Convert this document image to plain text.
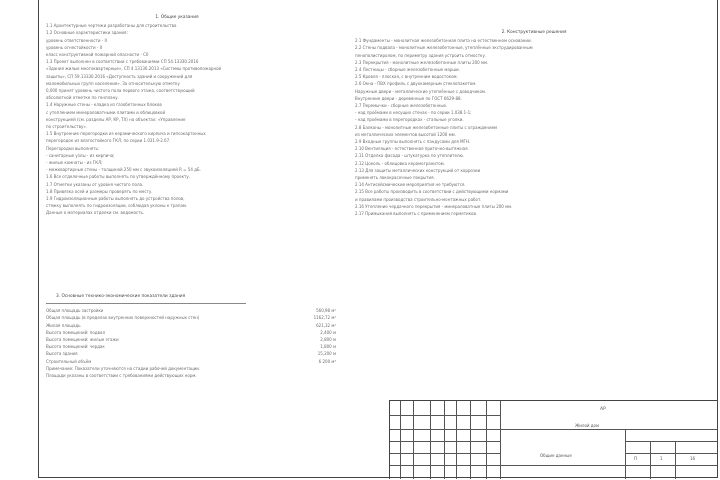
1. Общие указания
1.1 Архитектурные чертежи разработаны для строительства
1.2 Основные характеристики здания:
уровень ответственности - II
уровень огнестойкости - II
класс конструктивной пожарной опасности - С0
1.3 Проект выполнен в соответствии с требованиями СП 54.13330.2016
«Здания жилые многоквартирные», СП 4.13130.2013 «Системы противопожарной
защиты», СП 59.13330.2016 «Доступность зданий и сооружений для
маломобильных групп населения». За относительную отметку
0,000 принят уровень чистого пола первого этажа, соответствующий
абсолютной отметке по генплану.
1.4 Наружные стены - кладка из газобетонных блоков
с утеплением минераловатными плитами и облицовкой
конструкцией (см. разделы АР, КР, ТХ) на объектах: «Управление
по строительству».
1.5 Внутренние перегородки из керамического кирпича и гипсокартонных
перегородок из влагостойкого ГКЛ, по серии 1.031.9-2.07.
Перегородки выполнять:
- санитарные узлы - из кирпича;
- жилые комнаты - из ГКЛ;
- межквартирные стены - толщиной 250 мм с звукоизоляцией R = 54 дБ.
1.6 Все отделочные работы выполнять по утверждённому проекту.
1.7 Отметки указаны от уровня чистого пола.
1.8 Привязка осей и размеры проверять по месту.
1.9 Гидроизоляционные работы выполнять до устройства полов,
стяжку выполнять по гидроизоляции, соблюдая уклоны к трапам.
Данные о материалах отделки см. ведомость.
2. Конструктивные решения
2.1 Фундаменты - монолитная железобетонная плита на естественном основании.
2.2 Стены подвала - монолитные железобетонные, утеплённые экструдированным
пенополистиролом, по периметру здания устроить отмостку.
2.3 Перекрытия - монолитные железобетонные плиты 200 мм.
2.4 Лестницы - сборные железобетонные марши.
2.5 Кровля - плоская, с внутренним водостоком.
2.6 Окна - ПВХ профиль с двухкамерным стеклопакетом.
Наружные двери - металлические утеплённые с доводчиком.
Внутренние двери - деревянные по ГОСТ 6629-88.
2.7 Перемычки - сборные железобетонные.
- над проёмами в несущих стенах - по серии 1.038.1-1;
- над проёмами в перегородках - стальные уголки.
2.8 Балконы - монолитные железобетонные плиты с ограждением
из металлических элементов высотой 1200 мм.
2.9 Входные группы выполнять с пандусами для МГН.
2.10 Вентиляция - естественная приточно-вытяжная.
2.11 Отделка фасада - штукатурка по утеплителю.
2.12 Цоколь - облицовка керамогранитом.
2.13 Для защиты металлических конструкций от коррозии
применять лакокрасочные покрытия.
2.14 Антисейсмические мероприятия не требуются.
2.15 Все работы производить в соответствии с действующими нормами
и правилами производства строительно-монтажных работ.
2.16 Утепление чердачного перекрытия - минераловатные плиты 200 мм.
2.17 Примыкания выполнять с применением герметиков.
3. Основные технико-экономические показатели здания
Общая площадь застройки	560,98 м²
Общая площадь (в пределах внутренних поверхностей наружных стен)	1162,72 м²
Жилая площадь	621,32 м²
Высота помещений: подвал	2,400 м
Высота помещений: жилые этажи	2,800 м
Высота помещений: чердак	1,800 м
Высота здания	15,200 м
Строительный объём	6 200 м³
Примечание: Показатели уточняются на стадии рабочей документации.
Площади указаны в соответствии с требованиями действующих норм.
АР
Жилой дом
Общие данные
П	1	16
